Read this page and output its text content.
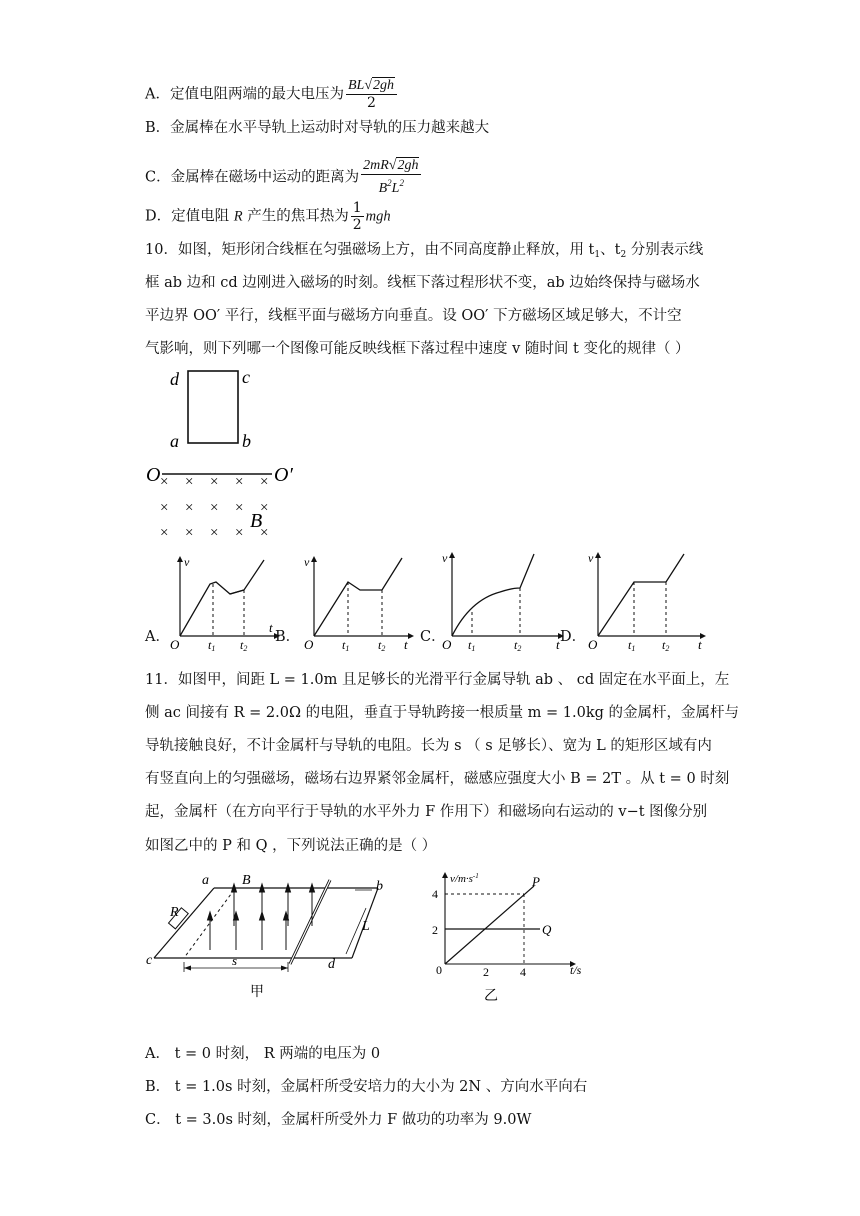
A．定值电阻两端的最大电压为 $\frac{BL√2gh}{2}$
B．金属棒在水平导轨上运动时对导轨的压力越来越大
C．金属棒在磁场中运动的距离为 $\frac{2mR√2gh}{B^2L^2}$
D．定值电阻 R 产生的焦耳热为 $\frac{1}{2}$ mgh
10．如图，矩形闭合线框在匀强磁场上方，由不同高度静止释放，用 $t_1$、$t_2$ 分别表示线
框 ab 边和 cd 边刚进入磁场的时刻。线框下落过程形状不变，ab 边始终保持与磁场水
平边界 OO′ 平行，线框平面与磁场方向垂直。设 OO′ 下方磁场区域足够大，不计空
气影响，则下列哪一个图像可能反映线框下落过程中速度 v 随时间 t 变化的规律（ ）
d	c
a	b
O	O′
× × × × ×
× × × × ×
× × × × ×
B
A．
v
t
O t1 t2
B．
v
t
O t1 t2
C．
v
t
O t1	t2
D．
v
t
O	t1 t2
11．如图甲，间距 L = 1.0m 且足够长的光滑平行金属导轨 ab 、 cd 固定在水平面上，左
侧 ac 间接有 R = 2.0Ω 的电阻，垂直于导轨跨接一根质量 m = 1.0kg 的金属杆，金属杆与
导轨接触良好，不计金属杆与导轨的电阻。长为 s （ s 足够长）、宽为 L 的矩形区域有内
有竖直向上的匀强磁场，磁场右边界紧邻金属杆，磁感应强度大小 B = 2T 。从 t = 0 时刻
起，金属杆（在方向平行于导轨的水平外力 F 作用下）和磁场向右运动的 v−t 图像分别
如图乙中的 P 和 Q ，下列说法正确的是（ ）
a	b
c	d
B
R
L
s
甲
$v/m\cdot s^{-1}$
t/s
0	2	4
2
4
P
Q
乙
A． t = 0 时刻， R 两端的电压为 0
B． t = 1.0s 时刻，金属杆所受安培力的大小为 2N 、方向水平向右
C． t = 3.0s 时刻，金属杆所受外力 F 做功的功率为 9.0W
